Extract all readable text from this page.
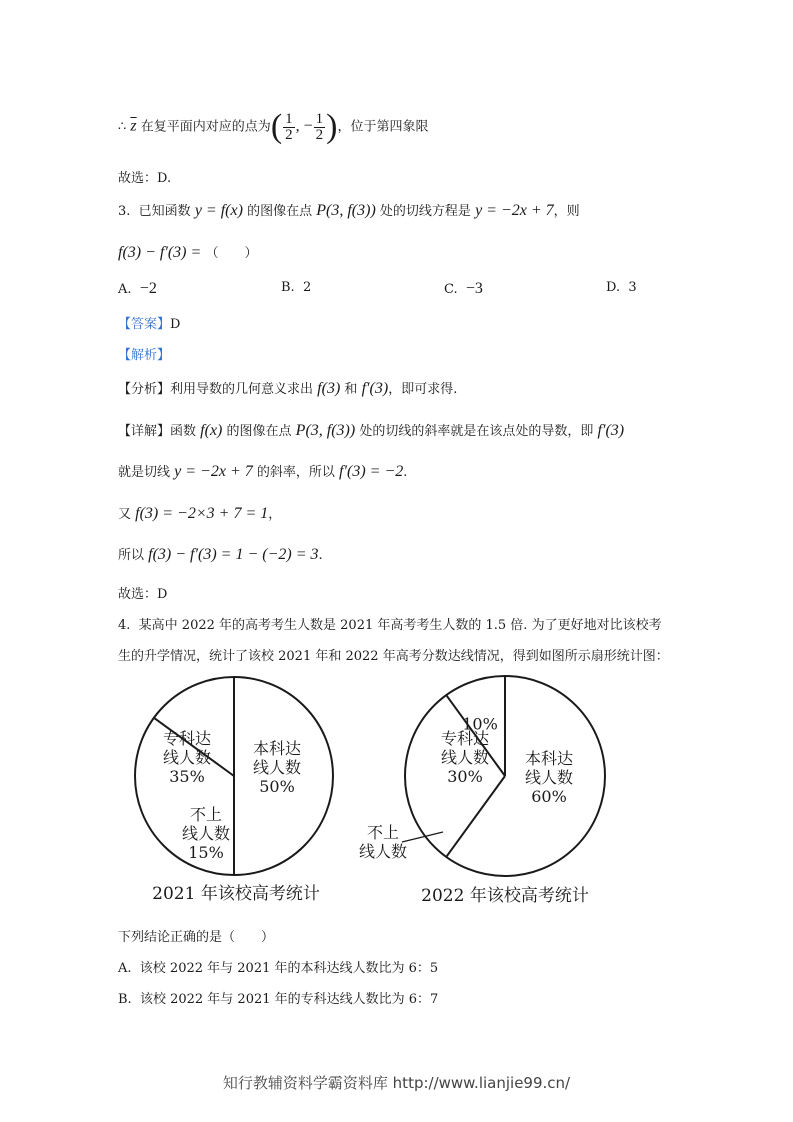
∴ $\overline{z}$ 在复平面内对应的点为( $\frac{1}{2}$ , − $\frac{1}{2}$ )，位于第四象限
故选：D.
3. 已知函数 y = f(x) 的图像在点 P(3, f(3)) 处的切线方程是 y = −2x + 7，则
f(3) − f′(3) = （　　）
A. −2	B. 2	C. −3	D. 3
【答案】D
【解析】
【分析】利用导数的几何意义求出 f(3) 和 f′(3)，即可求得.
【详解】函数 f(x) 的图像在点 P(3, f(3)) 处的切线的斜率就是在该点处的导数，即 f′(3)
就是切线 y = −2x + 7 的斜率，所以 f′(3) = −2.
又 f(3) = −2×3 + 7 = 1，
所以 f(3) − f′(3) = 1 − (−2) = 3.
故选：D
4. 某高中 2022 年的高考考生人数是 2021 年高考考生人数的 1.5 倍. 为了更好地对比该校考
生的升学情况，统计了该校 2021 年和 2022 年高考分数达线情况，得到如图所示扇形统计图：
本科达
线人数
50%
专科达
线人数
35%
不上
线人数
15%
本科达
线人数
60%
专科达
线人数
30%
10%
不上
线人数
2021 年该校高考统计	2022 年该校高考统计
下列结论正确的是（　　）
A. 该校 2022 年与 2021 年的本科达线人数比为 6：5
B. 该校 2022 年与 2021 年的专科达线人数比为 6：7
知行教辅资料学霸资料库 http://www.lianjie99.cn/
